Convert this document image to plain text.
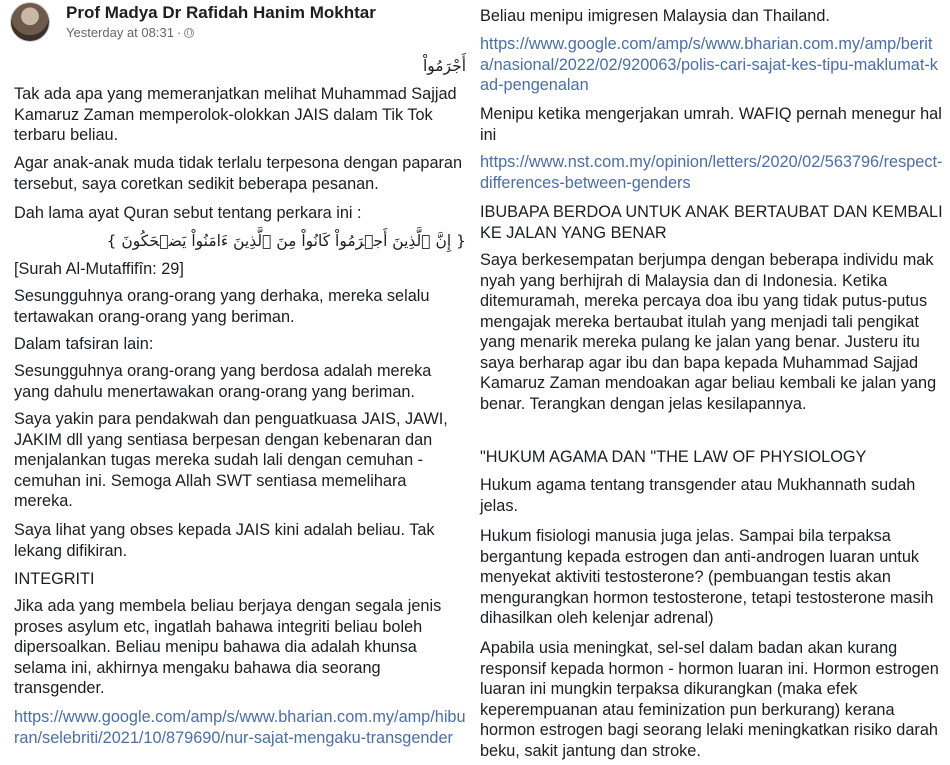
Prof Madya Dr Rafidah Hanim Mokhtar
Yesterday at 08:31 ·

أَجْرَمُواْ

Tak ada apa yang memeranjatkan melihat Muhammad Sajjad Kamaruz Zaman memperolok-olokkan JAIS dalam Tik Tok terbaru beliau.

Agar anak-anak muda tidak terlalu terpesona dengan paparan tersebut, saya coretkan sedikit beberapa pesanan.

Dah lama ayat Quran sebut tentang perkara ini :

{ إِنَّ ٱلَّذِينَ أَجۡرَمُواْ كَانُواْ مِنَ ٱلَّذِينَ ءَامَنُواْ يَضۡحَكُونَ }

[Surah Al-Mutaffifîn: 29]

Sesungguhnya orang-orang yang derhaka, mereka selalu tertawakan orang-orang yang beriman.

Dalam tafsiran lain:

Sesungguhnya orang-orang yang berdosa adalah mereka yang dahulu menertawakan orang-orang yang beriman.

Saya yakin para pendakwah dan penguatkuasa JAIS, JAWI, JAKIM dll yang sentiasa berpesan dengan kebenaran dan menjalankan tugas mereka sudah lali dengan cemuhan - cemuhan ini. Semoga Allah SWT sentiasa memelihara mereka.

Saya lihat yang obses kepada JAIS kini adalah beliau. Tak lekang difikiran.

INTEGRITI

Jika ada yang membela beliau berjaya dengan segala jenis proses asylum etc, ingatlah bahawa integriti beliau boleh dipersoalkan. Beliau menipu bahawa dia adalah khunsa selama ini, akhirnya mengaku bahawa dia seorang transgender.

https://www.google.com/amp/s/www.bharian.com.my/amp/hiburan/selebriti/2021/10/879690/nur-sajat-mengaku-transgender

Beliau menipu imigresen Malaysia dan Thailand.

https://www.google.com/amp/s/www.bharian.com.my/amp/berita/nasional/2022/02/920063/polis-cari-sajat-kes-tipu-maklumat-kad-pengenalan

Menipu ketika mengerjakan umrah. WAFIQ pernah menegur hal ini

https://www.nst.com.my/opinion/letters/2020/02/563796/respect-differences-between-genders

IBUBAPA BERDOA UNTUK ANAK BERTAUBAT DAN KEMBALI KE JALAN YANG BENAR

Saya berkesempatan berjumpa dengan beberapa individu mak nyah yang berhijrah di Malaysia dan di Indonesia. Ketika ditemuramah, mereka percaya doa ibu yang tidak putus-putus mengajak mereka bertaubat itulah yang menjadi tali pengikat yang menarik mereka pulang ke jalan yang benar. Justeru itu saya berharap agar ibu dan bapa kepada Muhammad Sajjad Kamaruz Zaman mendoakan agar beliau kembali ke jalan yang benar. Terangkan dengan jelas kesilapannya.

"HUKUM AGAMA DAN "THE LAW OF PHYSIOLOGY

Hukum agama tentang transgender atau Mukhannath sudah jelas.

Hukum fisiologi manusia juga jelas. Sampai bila terpaksa bergantung kepada estrogen dan anti-androgen luaran untuk menyekat aktiviti testosterone? (pembuangan testis akan mengurangkan hormon testosterone, tetapi testosterone masih dihasilkan oleh kelenjar adrenal)

Apabila usia meningkat, sel-sel dalam badan akan kurang responsif kepada hormon - hormon luaran ini. Hormon estrogen luaran ini mungkin terpaksa dikurangkan (maka efek keperempuanan atau feminization pun berkurang) kerana hormon estrogen bagi seorang lelaki meningkatkan risiko darah beku, sakit jantung dan stroke.
